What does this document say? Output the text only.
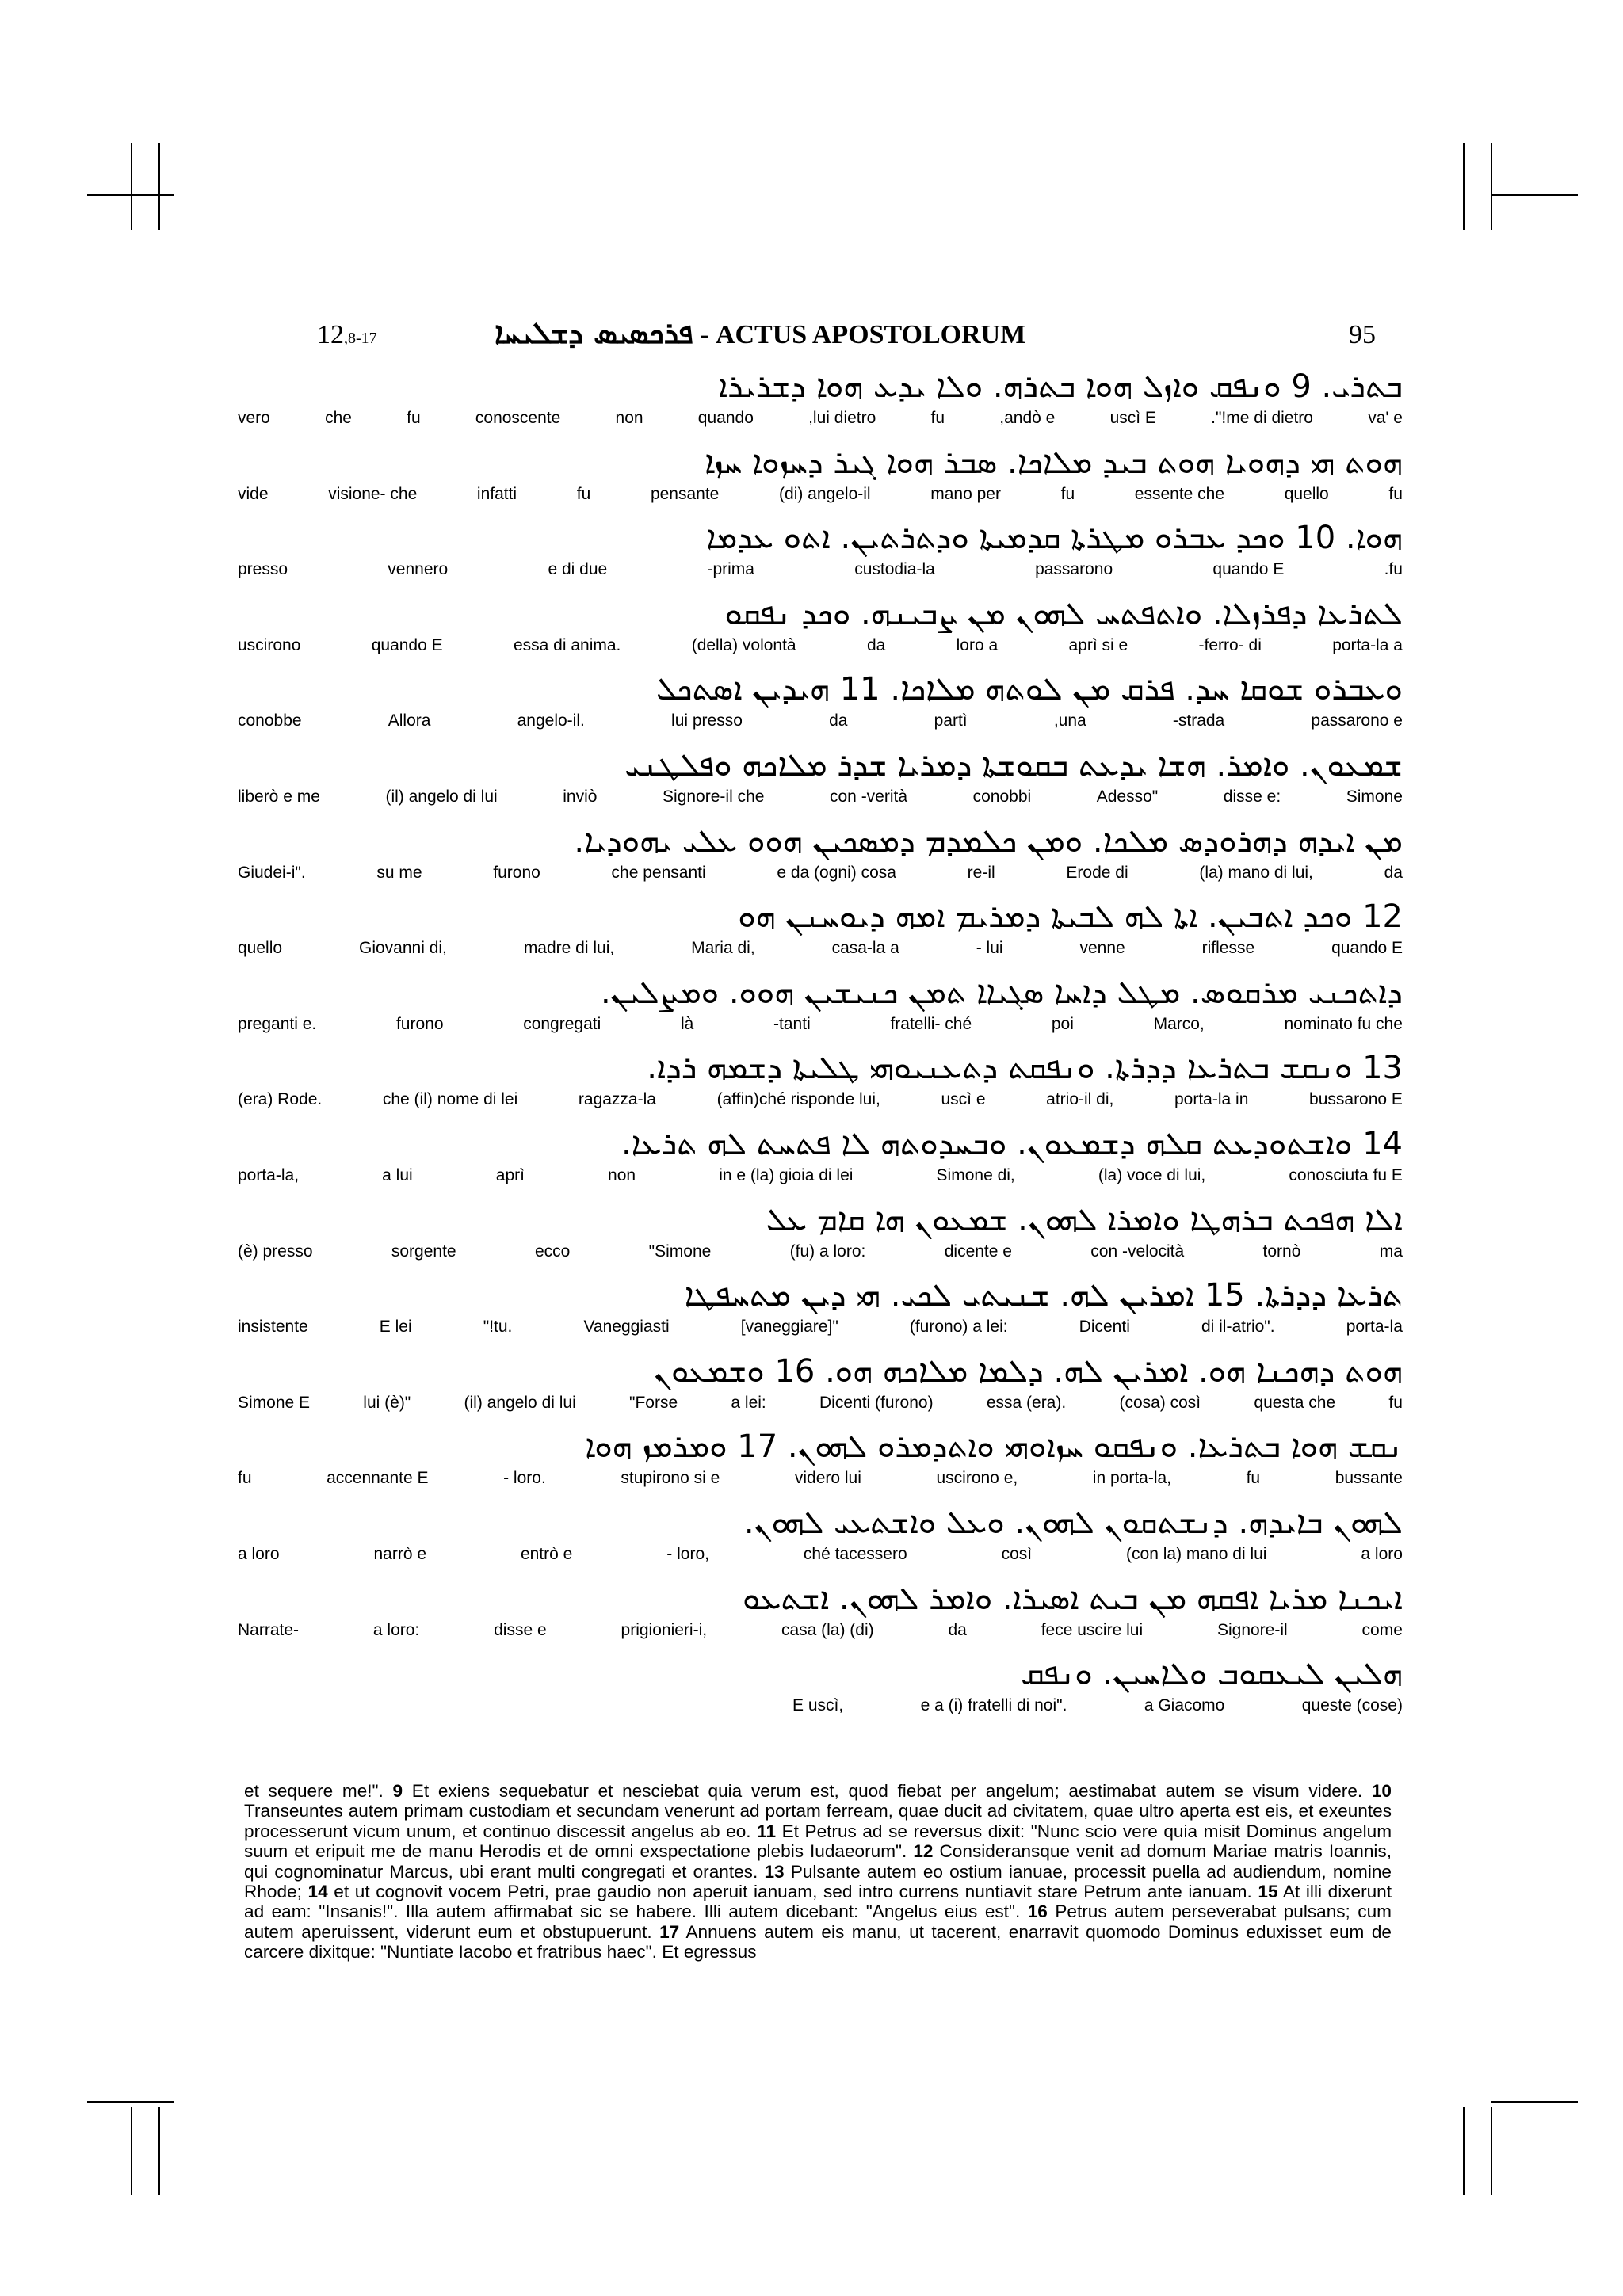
12,8-17	ܦܪܟܣܝܣ ܕܫܠܝܚܐ - ACTUS APOSTOLORUM	95
ܒܬܪܝ. 9 ܘܢܦܩ ܘܐܙܠ ܗܘܐ ܒܬܪܗ. ܘܠܐ ܝܕܥ ܗܘܐ ܕܫܪܝܪܐ
va' e
."!me di dietro
uscì E
,andò e
fu
,lui dietro
quando
non
conoscente
fu
che
vero
ܗܘܬ ܗܝ ܕܗܘܝܐ ܗܘܬ ܒܝܕ ܡܠܐܟܐ. ܣܒܪ ܗܘܐ ܓܝܪ ܕܚܙܘܐ ܚܙܐ
fu
quello
essente che
fu
mano per
(di) angelo-il
pensante
fu
infatti
visione- che
vide
ܗܘܐ. 10 ܘܟܕ ܥܒܪܘ ܡܛܪܬܐ ܩܕܡܝܬܐ ܘܕܬܪܬܝܢ. ܐܬܘ ܥܕܡܐ
.fu
quando E
passarono
custodia-la
-prima
e di due
vennero
presso
ܠܬܪܥܐ ܕܦܪܙܠܐ. ܘܐܬܦܬܚ ܠܗܘܢ ܡܢ ܨܒܝܢܗ. ܘܟܕ ܢܦܩܘ
porta-la a
-ferro- di
aprì si e
loro a
da
(della) volontà
essa di anima.
quando E
uscirono
ܘܥܒܪܘ ܫܘܩܐ ܚܕ. ܦܪܩ ܡܢ ܠܘܬܗ ܡܠܐܟܐ. 11 ܗܝܕܝܢ ܐܣܬܟܠ
passarono e
-strada
,una
partì
da
lui presso
angelo-il.
Allora
conobbe
ܫܡܥܘܢ. ܘܐܡܪ. ܗܫܐ ܝܕܥܬ ܒܩܘܫܬܐ ܕܡܪܝܐ ܫܕܪ ܡܠܐܟܗ ܘܦܠܛܢܝ
Simone
disse e:
Adesso"
conobbi
con -verità
Signore-il che
inviò
(il) angelo di lui
liberò e me
ܡܢ ܐܝܕܗ ܕܗܪܘܕܣ ܡܠܟܐ. ܘܡܢ ܟܠܡܕܡ ܕܡܣܟܝܢ ܗܘܘ ܥܠܝ ܝܗܘܕܝܐ.
da
(la) mano di lui,
Erode di
re-il
e da (ogni) cosa
che pensanti
furono
su me
Giudei-i".
12 ܘܟܕ ܐܬܒܝܢ. ܐܬܐ ܠܗ ܠܒܝܬܐ ܕܡܪܝܡ ܐܡܗ ܕܝܘܚܢܢ ܗܘ
quando E
riflesse
venne
- lui
casa-la a
Maria di,
madre di lui,
Giovanni di,
quello
ܕܐܬܟܢܝ ܡܪܩܘܣ. ܡܛܠ ܕܐܚܐ ܣܓܝܐܐ ܬܡܢ ܟܢܝܫܝܢ ܗܘܘ. ܘܡܨܠܝܢ.
nominato fu che
Marco,
poi
fratelli- ché
-tanti
là
congregati
furono
preganti e.
13 ܘܢܩܫ ܒܬܪܥܐ ܕܕܪܬܐ. ܘܢܦܩܬ ܕܬܥܢܝܘܗܝ ܛܠܝܬܐ ܕܫܡܗ ܪܕܐ.
bussarono E
porta-la in
atrio-il di,
uscì e
(affin)ché risponde lui,
ragazza-la
che (il) nome di lei
(era) Rode.
14 ܘܐܫܬܘܕܥܬ ܩܠܗ ܕܫܡܥܘܢ. ܘܒܚܕܘܬܗ ܠܐ ܦܬܚܬ ܠܗ ܬܪܥܐ.
conosciuta fu E
(la) voce di lui,
Simone di,
in e (la) gioia di lei
non
aprì
a lui
porta-la,
ܐܠܐ ܗܦܟܬ ܒܪܗܛܐ ܘܐܡܪܐ ܠܗܘܢ. ܫܡܥܘܢ ܗܐ ܩܐܡ ܥܠ
ma
tornò
con -velocità
dicente e
(fu) a loro:
"Simone
ecco
sorgente
(è) presso
ܬܪܥܐ ܕܕܪܬܐ. 15 ܐܡܪܝܢ ܠܗ. ܫܢܝܬܝ ܠܟܝ. ܗܝ ܕܝܢ ܡܬܚܦܛܐ
porta-la
di il-atrio".
Dicenti
(furono) a lei:
[vaneggiare]"
Vaneggiasti
"!tu.
E lei
insistente
ܗܘܬ ܕܗܟܢܐ ܗܘ. ܐܡܪܝܢ ܠܗ. ܕܠܡܐ ܡܠܐܟܗ ܗܘ. 16 ܘܫܡܥܘܢ
fu
questa che
(cosa) così
essa (era).
Dicenti (furono)
a lei:
"Forse
(il) angelo di lui
lui (è)"
Simone E
ܢܩܫ ܗܘܐ ܒܬܪܥܐ. ܘܢܦܩܘ ܚܙܐܘܗܝ ܘܐܬܕܡܪܘ ܠܗܘܢ. 17 ܘܡܪܡܙ ܗܘܐ
bussante
fu
in porta-la,
uscirono e,
videro lui
stupirono si e
- loro.
accennante E
fu
ܠܗܘܢ ܒܐܝܕܗ. ܕܢܫܬܩܘܢ ܠܗܘܢ. ܘܥܠ ܘܐܫܬܥܝ ܠܗܘܢ.
a loro
(con la) mano di lui
così
ché tacessero
- loro,
entrò e
narrò e
a loro
ܐܝܟܢܐ ܡܪܝܐ ܐܦܩܗ ܡܢ ܒܝܬ ܐܣܝܪܐ. ܘܐܡܪ ܠܗܘܢ. ܐܫܬܥܘ
come
Signore-il
fece uscire lui
da
casa (la) (di)
prigionieri-i,
disse e
a loro:
Narrate-
ܗܠܝܢ ܠܝܥܩܘܒ ܘܠܐܚܝܢ. ܘܢܦܩ
queste (cose)
a Giacomo
e a (i) fratelli di noi".
E uscì,
et sequere me!". 9 Et exiens sequebatur et nesciebat quia verum est, quod fiebat per angelum; aestimabat autem se visum videre. 10 Transeuntes autem primam custodiam et secundam venerunt ad portam ferream, quae ducit ad civitatem, quae ultro aperta est eis, et exeuntes processerunt vicum unum, et continuo discessit angelus ab eo. 11 Et Petrus ad se reversus dixit: "Nunc scio vere quia misit Dominus angelum suum et eripuit me de manu Herodis et de omni exspectatione plebis Iudaeorum". 12 Consideransque venit ad domum Mariae matris Ioannis, qui cognominatur Marcus, ubi erant multi congregati et orantes. 13 Pulsante autem eo ostium ianuae, processit puella ad audiendum, nomine Rhode; 14 et ut cognovit vocem Petri, prae gaudio non aperuit ianuam, sed intro currens nuntiavit stare Petrum ante ianuam. 15 At illi dixerunt ad eam: "Insanis!". Illa autem affirmabat sic se habere. Illi autem dicebant: "Angelus eius est". 16 Petrus autem perseverabat pulsans; cum autem aperuissent, viderunt eum et obstupuerunt. 17 Annuens autem eis manu, ut tacerent, enarravit quomodo Dominus eduxisset eum de carcere dixitque: "Nuntiate Iacobo et fratribus haec". Et egressus
